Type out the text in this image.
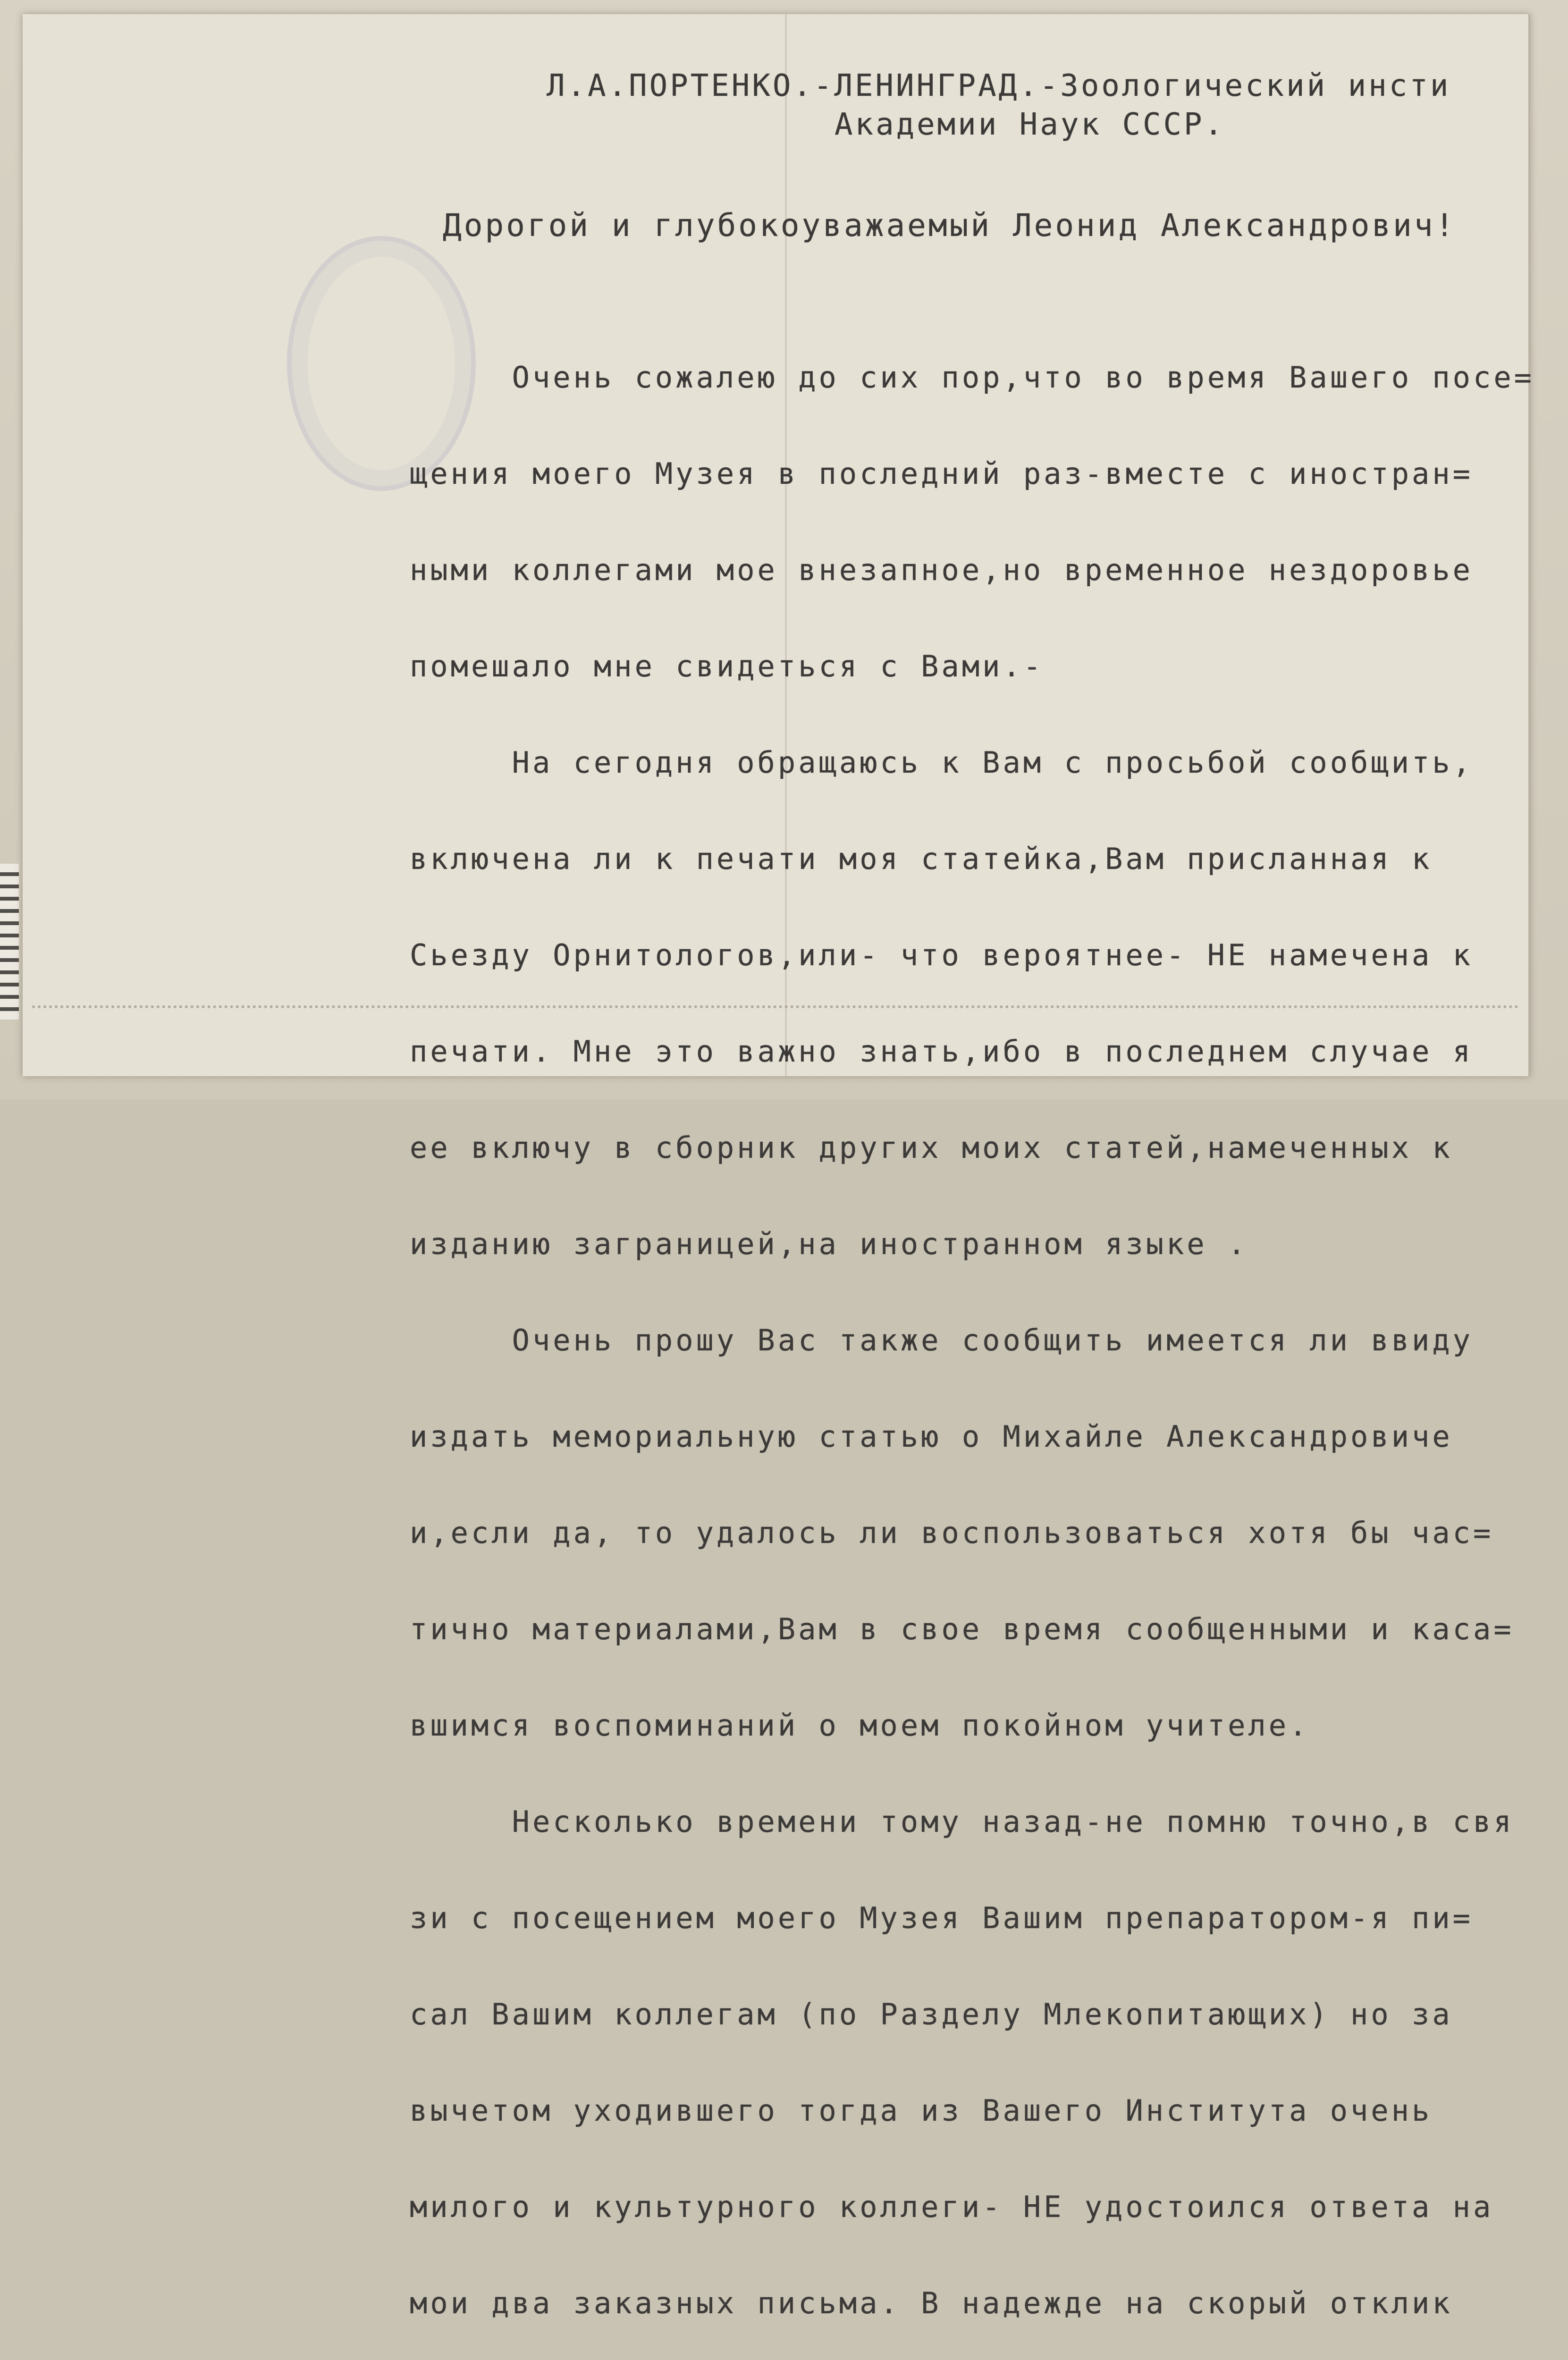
Л.А.ПОРТЕНКО.-ЛЕНИНГРАД.-Зоологический инсти
Академии Наук СССР.
Дорогой и глубокоуважаемый Леонид Александрович!

Очень сожалею до сих пор,что во время Вашего посе=

щения моего Музея в последний раз-вместе с иностран=

ными коллегами мое внезапное,но временное нездоровье

помешало мне свидеться с Вами.-

На сегодня обращаюсь к Вам с просьбой сообщить,

включена ли к печати моя статейка,Вам присланная к

Сьезду Орнитологов,или- что вероятнее- НЕ намечена к

печати. Мне это важно знать,ибо в последнем случае я

ее включу в сборник других моих статей,намеченных к

изданию заграницей,на иностранном языке .

Очень прошу Вас также сообщить имеется ли ввиду

издать мемориальную статью о Михайле Александровиче

и,если да, то удалось ли воспользоваться хотя бы час=

тично материалами,Вам в свое время сообщенными и каса=

вшимся воспоминаний о моем покойном учителе.

Несколько времени тому назад-не помню точно,в свя

зи с посещением моего Музея Вашим препаратором-я пи=

сал Вашим коллегам (по Разделу Млекопитающих) но за

вычетом уходившего тогда из Вашего Института очень

милого и культурного коллеги- НЕ удостоился ответа на

мои два заказных письма. В надежде на скорый отклик
